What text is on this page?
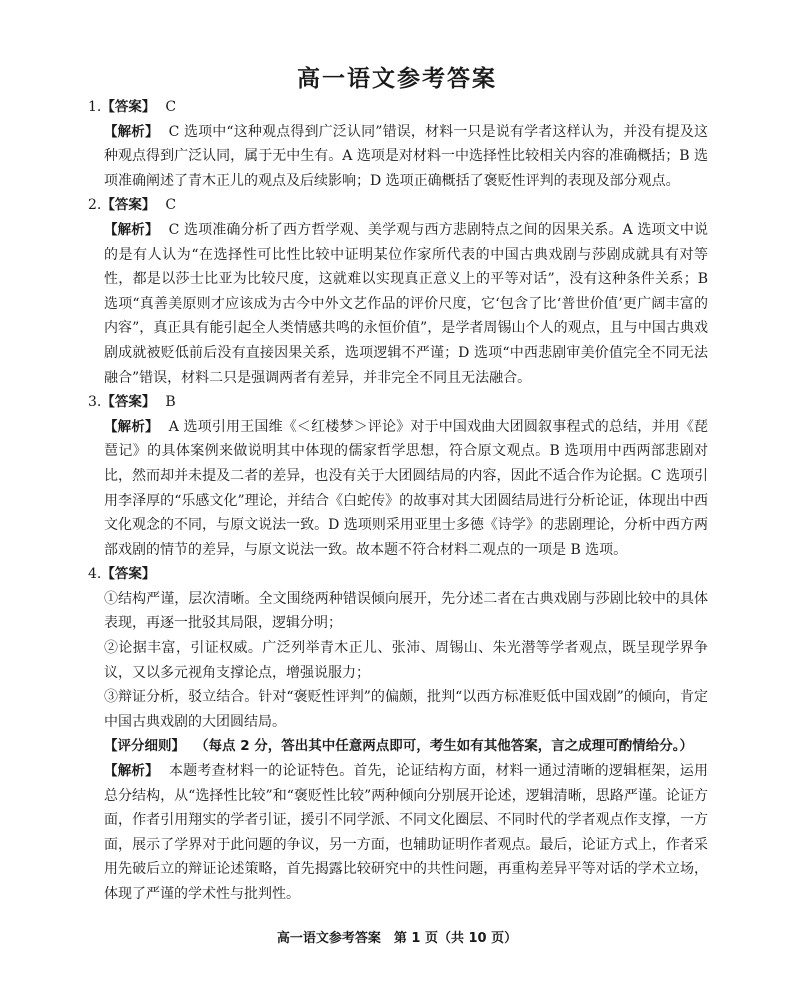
高一语文参考答案
1.【答案】 C

【解析】 C 选项中“这种观点得到广泛认同”错误，材料一只是说有学者这样认为，并没有提及这种观点得到广泛认同，属于无中生有。A 选项是对材料一中选择性比较相关内容的准确概括；B 选项准确阐述了青木正儿的观点及后续影响；D 选项正确概括了褒贬性评判的表现及部分观点。

2.【答案】 C

【解析】 C 选项准确分析了西方哲学观、美学观与西方悲剧特点之间的因果关系。A 选项文中说的是有人认为“在选择性可比性比较中证明某位作家所代表的中国古典戏剧与莎剧成就具有对等性，都是以莎士比亚为比较尺度，这就难以实现真正意义上的平等对话”，没有这种条件关系；B 选项“真善美原则才应该成为古今中外文艺作品的评价尺度，它‘包含了比‘普世价值’更广阔丰富的内容”，真正具有能引起全人类情感共鸣的永恒价值”，是学者周锡山个人的观点，且与中国古典戏剧成就被贬低前后没有直接因果关系，选项逻辑不严谨；D 选项“中西悲剧审美价值完全不同无法融合”错误，材料二只是强调两者有差异，并非完全不同且无法融合。

3.【答案】 B

【解析】 A 选项引用王国维《＜红楼梦＞评论》对于中国戏曲大团圆叙事程式的总结，并用《琵琶记》的具体案例来做说明其中体现的儒家哲学思想，符合原文观点。B 选项用中西两部悲剧对比，然而却并未提及二者的差异，也没有关于大团圆结局的内容，因此不适合作为论据。C 选项引用李泽厚的“乐感文化”理论，并结合《白蛇传》的故事对其大团圆结局进行分析论证，体现出中西文化观念的不同，与原文说法一致。D 选项则采用亚里士多德《诗学》的悲剧理论，分析中西方两部戏剧的情节的差异，与原文说法一致。故本题不符合材料二观点的一项是 B 选项。

4.【答案】

①结构严谨，层次清晰。全文围绕两种错误倾向展开，先分述二者在古典戏剧与莎剧比较中的具体表现，再逐一批驳其局限，逻辑分明；

②论据丰富，引证权威。广泛列举青木正儿、张沛、周锡山、朱光潜等学者观点，既呈现学界争议，又以多元视角支撑论点，增强说服力；

③辩证分析，驳立结合。针对“褒贬性评判”的偏颇，批判“以西方标准贬低中国戏剧”的倾向，肯定中国古典戏剧的大团圆结局。

【评分细则】 （每点 2 分，答出其中任意两点即可，考生如有其他答案，言之成理可酌情给分。）

【解析】 本题考查材料一的论证特色。首先，论证结构方面，材料一通过清晰的逻辑框架，运用总分结构，从“选择性比较”和“褒贬性比较”两种倾向分别展开论述，逻辑清晰，思路严谨。论证方面，作者引用翔实的学者引证，援引不同学派、不同文化圈层、不同时代的学者观点作支撑，一方面，展示了学界对于此问题的争议，另一方面，也辅助证明作者观点。最后，论证方式上，作者采用先破后立的辩证论述策略，首先揭露比较研究中的共性问题，再重构差异平等对话的学术立场，体现了严谨的学术性与批判性。

高一语文参考答案　第 1 页（共 10 页）
